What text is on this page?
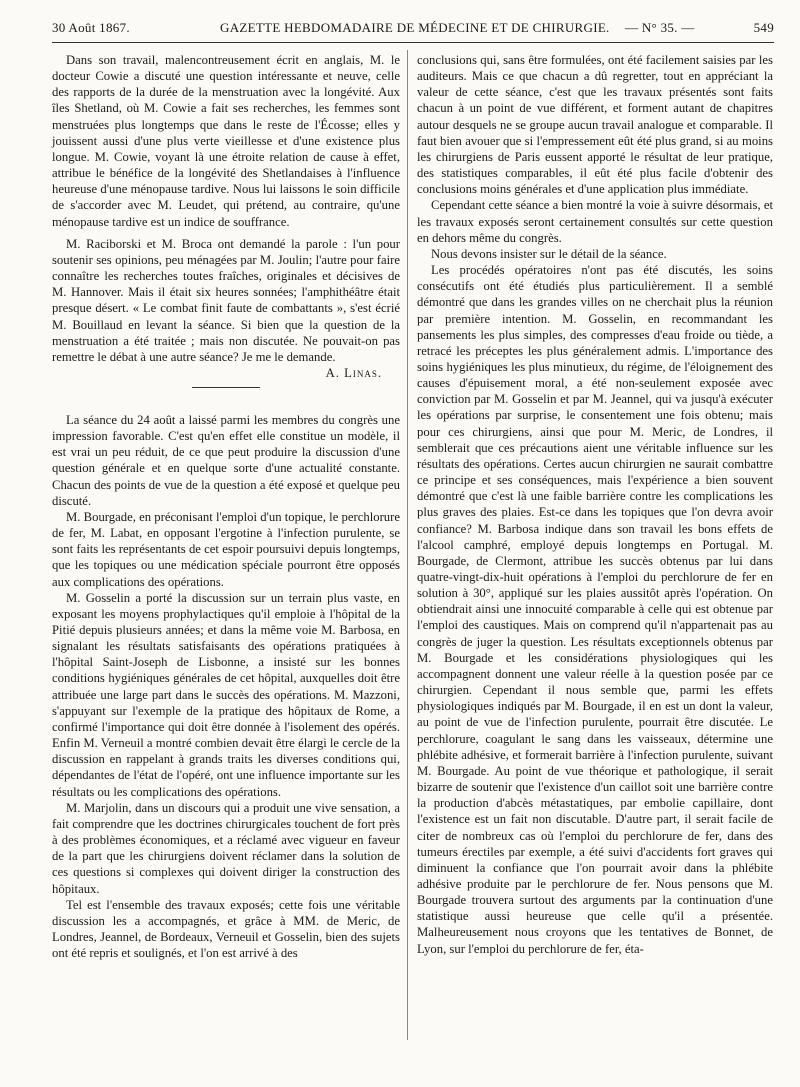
30 Août 1867.	GAZETTE HEBDOMADAIRE DE MÉDECINE ET DE CHIRURGIE. — N° 35. —	549

Dans son travail, malencontreusement écrit en anglais, M. le docteur Cowie a discuté une question intéressante et neuve, celle des rapports de la durée de la menstruation avec la longévité. Aux îles Shetland, où M. Cowie a fait ses recherches, les femmes sont menstruées plus longtemps que dans le reste de l'Écosse; elles y jouissent aussi d'une plus verte vieillesse et d'une existence plus longue. M. Cowie, voyant là une étroite relation de cause à effet, attribue le bénéfice de la longévité des Shetlandaises à l'influence heureuse d'une ménopause tardive. Nous lui laissons le soin difficile de s'accorder avec M. Leudet, qui prétend, au contraire, qu'une ménopause tardive est un indice de souffrance.

M. Raciborski et M. Broca ont demandé la parole : l'un pour soutenir ses opinions, peu ménagées par M. Joulin; l'autre pour faire connaître les recherches toutes fraîches, originales et décisives de M. Hannover. Mais il était six heures sonnées; l'amphithéâtre était presque désert. « Le combat finit faute de combattants », s'est écrié M. Bouillaud en levant la séance. Si bien que la question de la menstruation a été traitée ; mais non discutée. Ne pouvait-on pas remettre le débat à une autre séance? Je me le demande.
A. Linas.

La séance du 24 août a laissé parmi les membres du congrès une impression favorable. C'est qu'en effet elle constitue un modèle, il est vrai un peu réduit, de ce que peut produire la discussion d'une question générale et en quelque sorte d'une actualité constante. Chacun des points de vue de la question a été exposé et quelque peu discuté.

M. Bourgade, en préconisant l'emploi d'un topique, le perchlorure de fer, M. Labat, en opposant l'ergotine à l'infection purulente, se sont faits les représentants de cet espoir poursuivi depuis longtemps, que les topiques ou une médication spéciale pourront être opposés aux complications des opérations.

M. Gosselin a porté la discussion sur un terrain plus vaste, en exposant les moyens prophylactiques qu'il emploie à l'hôpital de la Pitié depuis plusieurs années; et dans la même voie M. Barbosa, en signalant les résultats satisfaisants des opérations pratiquées à l'hôpital Saint-Joseph de Lisbonne, a insisté sur les bonnes conditions hygiéniques générales de cet hôpital, auxquelles doit être attribuée une large part dans le succès des opérations. M. Mazzoni, s'appuyant sur l'exemple de la pratique des hôpitaux de Rome, a confirmé l'importance qui doit être donnée à l'isolement des opérés. Enfin M. Verneuil a montré combien devait être élargi le cercle de la discussion en rappelant à grands traits les diverses conditions qui, dépendantes de l'état de l'opéré, ont une influence importante sur les résultats ou les complications des opérations.

M. Marjolin, dans un discours qui a produit une vive sensation, a fait comprendre que les doctrines chirurgicales touchent de fort près à des problèmes économiques, et a réclamé avec vigueur en faveur de la part que les chirurgiens doivent réclamer dans la solution de ces questions si complexes qui doivent diriger la construction des hôpitaux.

Tel est l'ensemble des travaux exposés; cette fois une véritable discussion les a accompagnés, et grâce à MM. de Meric, de Londres, Jeannel, de Bordeaux, Verneuil et Gosselin, bien des sujets ont été repris et soulignés, et l'on est arrivé à des

conclusions qui, sans être formulées, ont été facilement saisies par les auditeurs. Mais ce que chacun a dû regretter, tout en appréciant la valeur de cette séance, c'est que les travaux présentés sont faits chacun à un point de vue différent, et forment autant de chapitres autour desquels ne se groupe aucun travail analogue et comparable. Il faut bien avouer que si l'empressement eût été plus grand, si au moins les chirurgiens de Paris eussent apporté le résultat de leur pratique, des statistiques comparables, il eût été plus facile d'obtenir des conclusions moins générales et d'une application plus immédiate.

Cependant cette séance a bien montré la voie à suivre désormais, et les travaux exposés seront certainement consultés sur cette question en dehors même du congrès.

Nous devons insister sur le détail de la séance.

Les procédés opératoires n'ont pas été discutés, les soins consécutifs ont été étudiés plus particulièrement. Il a semblé démontré que dans les grandes villes on ne cherchait plus la réunion par première intention. M. Gosselin, en recommandant les pansements les plus simples, des compresses d'eau froide ou tiède, a retracé les préceptes les plus généralement admis. L'importance des soins hygiéniques les plus minutieux, du régime, de l'éloignement des causes d'épuisement moral, a été non-seulement exposée avec conviction par M. Gosselin et par M. Jeannel, qui va jusqu'à exécuter les opérations par surprise, le consentement une fois obtenu; mais pour ces chirurgiens, ainsi que pour M. Meric, de Londres, il semblerait que ces précautions aient une véritable influence sur les résultats des opérations. Certes aucun chirurgien ne saurait combattre ce principe et ses conséquences, mais l'expérience a bien souvent démontré que c'est là une faible barrière contre les complications les plus graves des plaies. Est-ce dans les topiques que l'on devra avoir confiance? M. Barbosa indique dans son travail les bons effets de l'alcool camphré, employé depuis longtemps en Portugal. M. Bourgade, de Clermont, attribue les succès obtenus par lui dans quatre-vingt-dix-huit opérations à l'emploi du perchlorure de fer en solution à 30°, appliqué sur les plaies aussitôt après l'opération. On obtiendrait ainsi une innocuité comparable à celle qui est obtenue par l'emploi des caustiques. Mais on comprend qu'il n'appartenait pas au congrès de juger la question. Les résultats exceptionnels obtenus par M. Bourgade et les considérations physiologiques qui les accompagnent donnent une valeur réelle à la question posée par ce chirurgien. Cependant il nous semble que, parmi les effets physiologiques indiqués par M. Bourgade, il en est un dont la valeur, au point de vue de l'infection purulente, pourrait être discutée. Le perchlorure, coagulant le sang dans les vaisseaux, détermine une phlébite adhésive, et formerait barrière à l'infection purulente, suivant M. Bourgade. Au point de vue théorique et pathologique, il serait bizarre de soutenir que l'existence d'un caillot soit une barrière contre la production d'abcès métastatiques, par embolie capillaire, dont l'existence est un fait non discutable. D'autre part, il serait facile de citer de nombreux cas où l'emploi du perchlorure de fer, dans des tumeurs érectiles par exemple, a été suivi d'accidents fort graves qui diminuent la confiance que l'on pourrait avoir dans la phlébite adhésive produite par le perchlorure de fer. Nous pensons que M. Bourgade trouvera surtout des arguments par la continuation d'une statistique aussi heureuse que celle qu'il a présentée. Malheureusement nous croyons que les tentatives de Bonnet, de Lyon, sur l'emploi du perchlorure de fer, éta-
